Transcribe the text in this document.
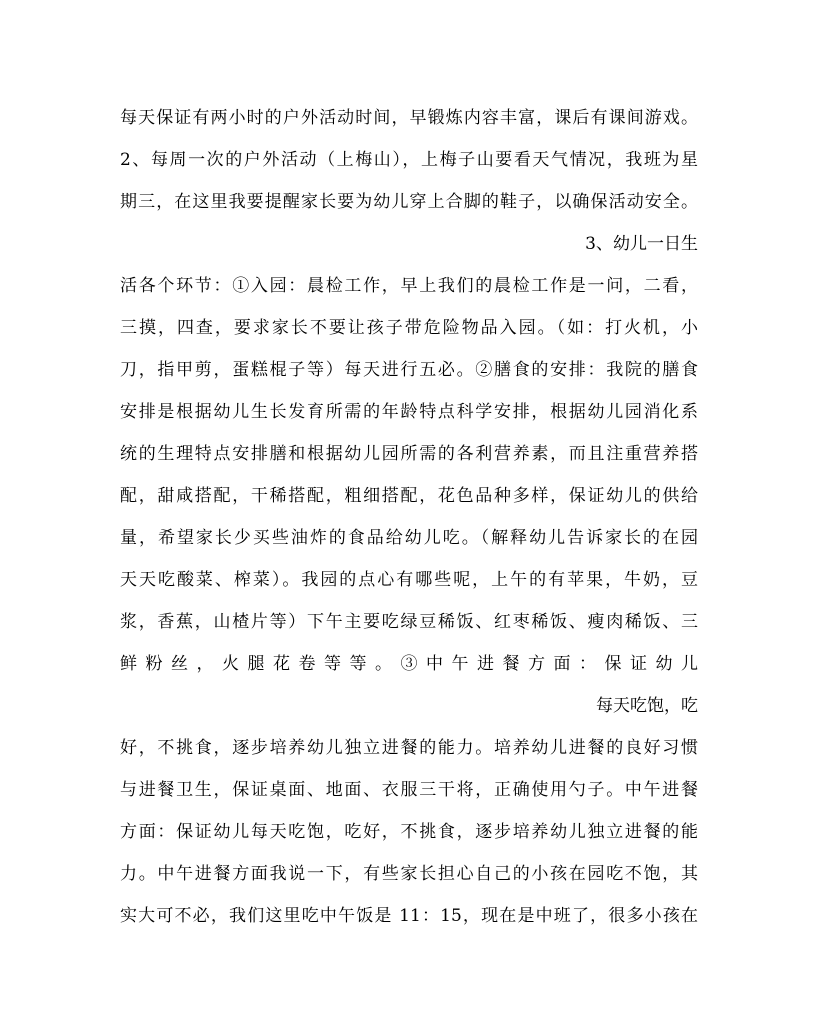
每天保证有两小时的户外活动时间，早锻炼内容丰富，课后有课间游戏。
2、每周一次的户外活动（上梅山），上梅子山要看天气情况，我班为星
期三，在这里我要提醒家长要为幼儿穿上合脚的鞋子，以确保活动安全。
3、幼儿一日生
活各个环节：①入园：晨检工作，早上我们的晨检工作是一问，二看，
三摸，四查，要求家长不要让孩子带危险物品入园。（如：打火机，小
刀，指甲剪，蛋糕棍子等）每天进行五必。②膳食的安排：我院的膳食
安排是根据幼儿生长发育所需的年龄特点科学安排，根据幼儿园消化系
统的生理特点安排膳和根据幼儿园所需的各利营养素，而且注重营养搭
配，甜咸搭配，干稀搭配，粗细搭配，花色品种多样，保证幼儿的供给
量，希望家长少买些油炸的食品给幼儿吃。（解释幼儿告诉家长的在园
天天吃酸菜、榨菜）。我园的点心有哪些呢，上午的有苹果，牛奶，豆
浆，香蕉，山楂片等）下午主要吃绿豆稀饭、红枣稀饭、瘦肉稀饭、三
鲜粉丝，火腿花卷等等。③中午进餐方面：保证幼儿
每天吃饱，吃
好，不挑食，逐步培养幼儿独立进餐的能力。培养幼儿进餐的良好习惯
与进餐卫生，保证桌面、地面、衣服三干将，正确使用勺子。中午进餐
方面：保证幼儿每天吃饱，吃好，不挑食，逐步培养幼儿独立进餐的能
力。中午进餐方面我说一下，有些家长担心自己的小孩在园吃不饱，其
实大可不必，我们这里吃中午饭是 11：15，现在是中班了，很多小孩在
